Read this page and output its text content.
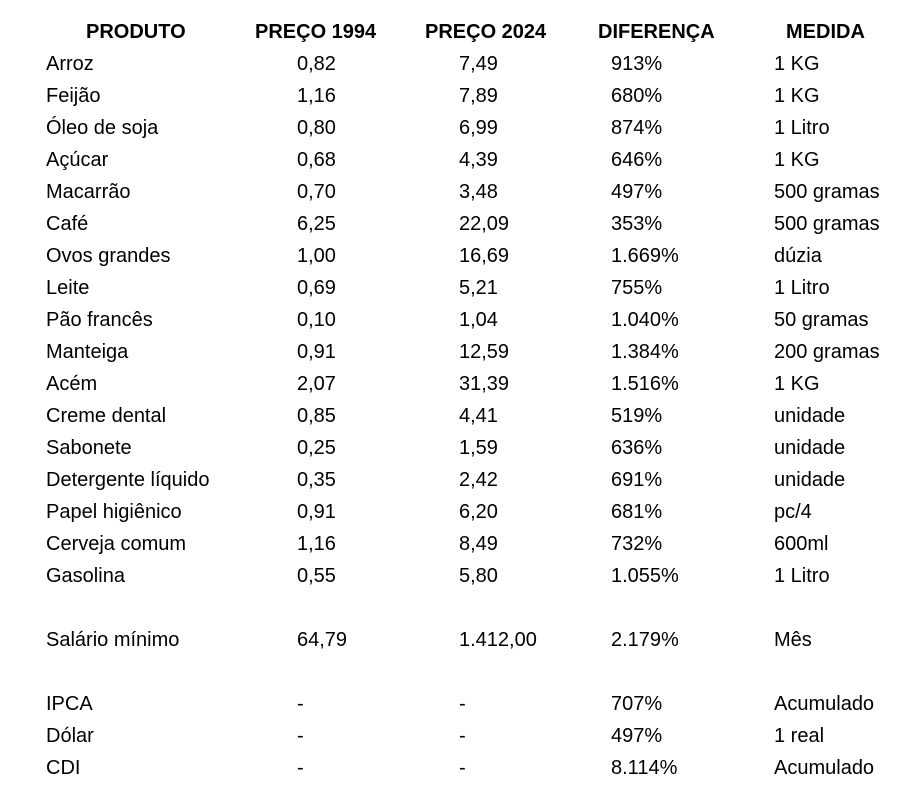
PRODUTO	PREÇO 1994	PREÇO 2024	DIFERENÇA	MEDIDA
Arroz	0,82	7,49	913%	1 KG
Feijão	1,16	7,89	680%	1 KG
Óleo de soja	0,80	6,99	874%	1 Litro
Açúcar	0,68	4,39	646%	1 KG
Macarrão	0,70	3,48	497%	500 gramas
Café	6,25	22,09	353%	500 gramas
Ovos grandes	1,00	16,69	1.669%	dúzia
Leite	0,69	5,21	755%	1 Litro
Pão francês	0,10	1,04	1.040%	50 gramas
Manteiga	0,91	12,59	1.384%	200 gramas
Acém	2,07	31,39	1.516%	1 KG
Creme dental	0,85	4,41	519%	unidade
Sabonete	0,25	1,59	636%	unidade
Detergente líquido	0,35	2,42	691%	unidade
Papel higiênico	0,91	6,20	681%	pc/4
Cerveja comum	1,16	8,49	732%	600ml
Gasolina	0,55	5,80	1.055%	1 Litro

Salário mínimo	64,79	1.412,00	2.179%	Mês

IPCA	-	-	707%	Acumulado
Dólar	-	-	497%	1 real
CDI	-	-	8.114%	Acumulado
